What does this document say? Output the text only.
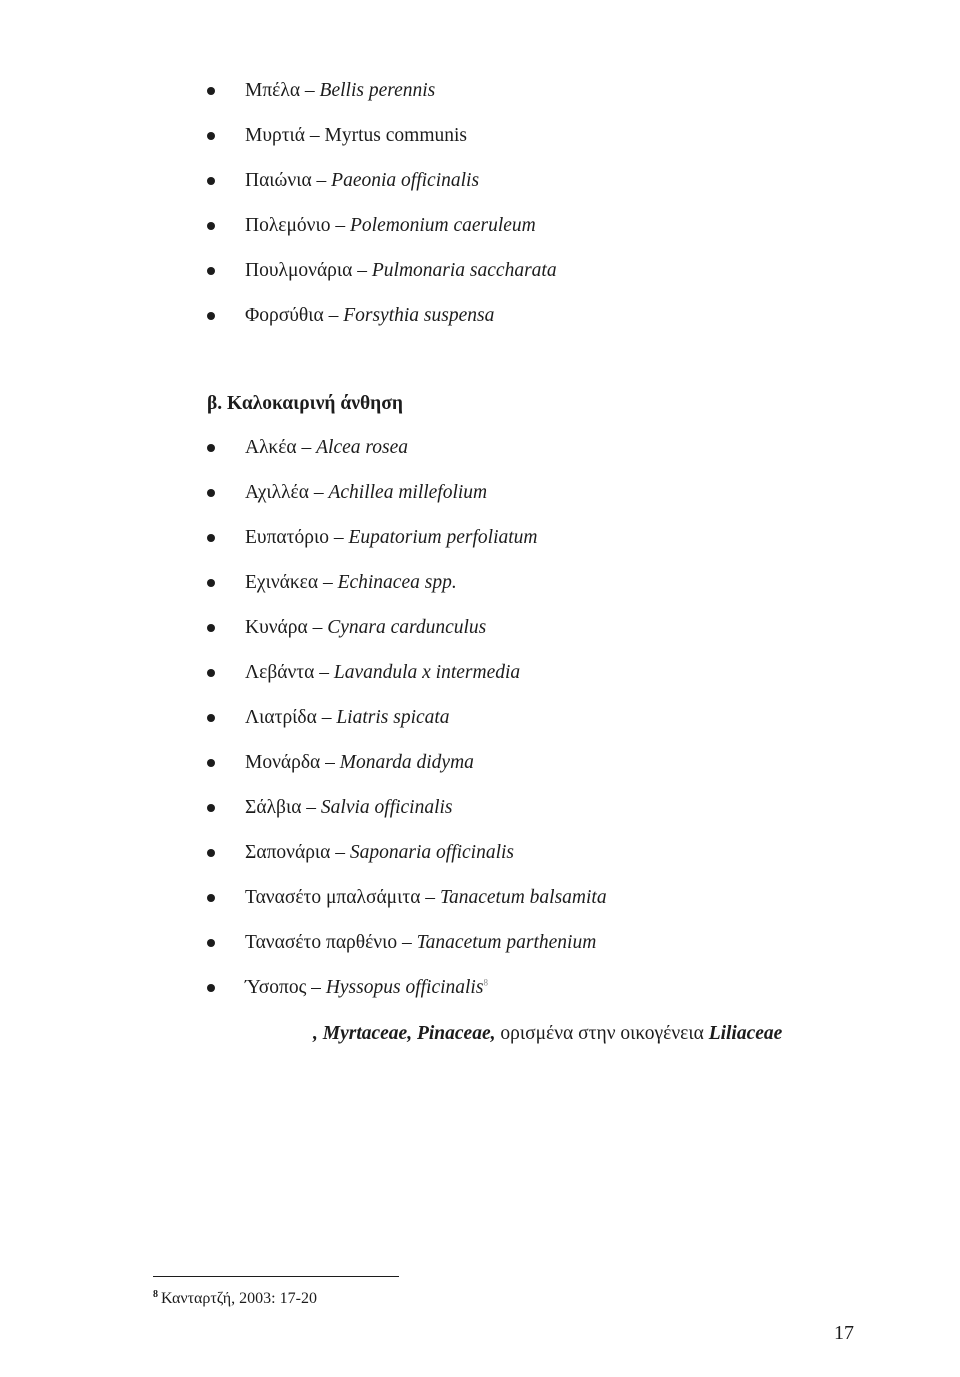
Μπέλα – Bellis perennis
Μυρτιά – Myrtus communis
Παιώνια – Paeonia officinalis
Πολεμόνιο – Polemonium caeruleum
Πουλμονάρια – Pulmonaria saccharata
Φορσύθια – Forsythia suspensa
β. Καλοκαιρινή άνθηση
Αλκέα – Alcea rosea
Αχιλλέα – Achillea millefolium
Ευπατόριο – Eupatorium perfoliatum
Εχινάκεα – Echinacea spp.
Κυνάρα – Cynara cardunculus
Λεβάντα – Lavandula x intermedia
Λιατρίδα – Liatris spicata
Μονάρδα – Monarda didyma
Σάλβια – Salvia officinalis
Σαπονάρια – Saponaria officinalis
Τανασέτο μπαλσάμιτα – Tanacetum balsamita
Τανασέτο παρθένιο – Tanacetum parthenium
Ύσοπος – Hyssopus officinalis$^8$
, Myrtaceae, Pinaceae, ορισμένα στην οικογένεια Liliaceae
$^8$ Κανταρτζή, 2003: 17-20
17
